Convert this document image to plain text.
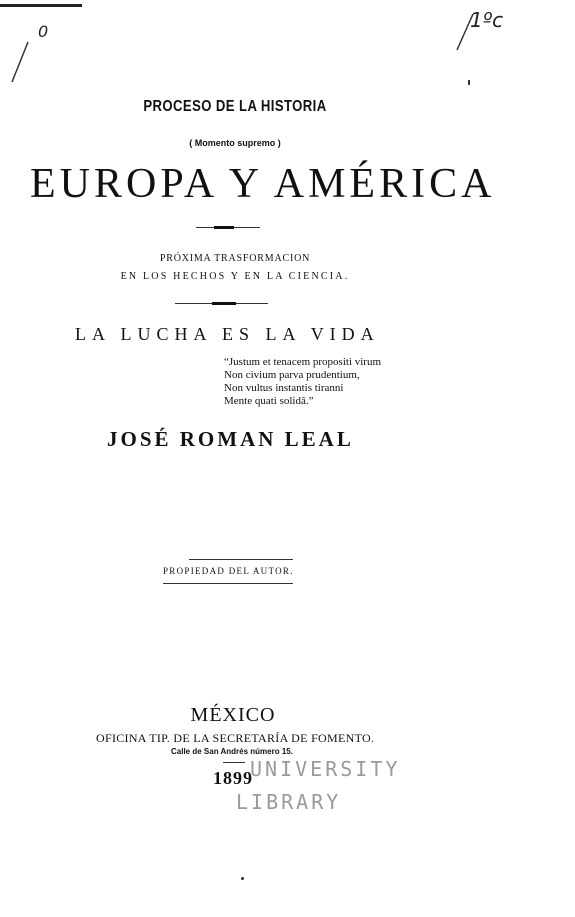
0	1ºc
PROCESO DE LA HISTORIA
( Momento supremo )
EUROPA Y AMÉRICA
PRÓXIMA TRASFORMACION
EN LOS HECHOS Y EN LA CIENCIA.
LA LUCHA ES LA VIDA
“Justum et tenacem propositi virum
Non civium parva prudentium,
Non vultus instantis tiranni
Mente quati solidâ.”
JOSÉ ROMAN LEAL
PROPIEDAD DEL AUTOR.
MÉXICO
OFICINA TIP. DE LA SECRETARÍA DE FOMENTO.
Calle de San Andrés número 15.
1899
UNIVERSITY
LIBRARY
